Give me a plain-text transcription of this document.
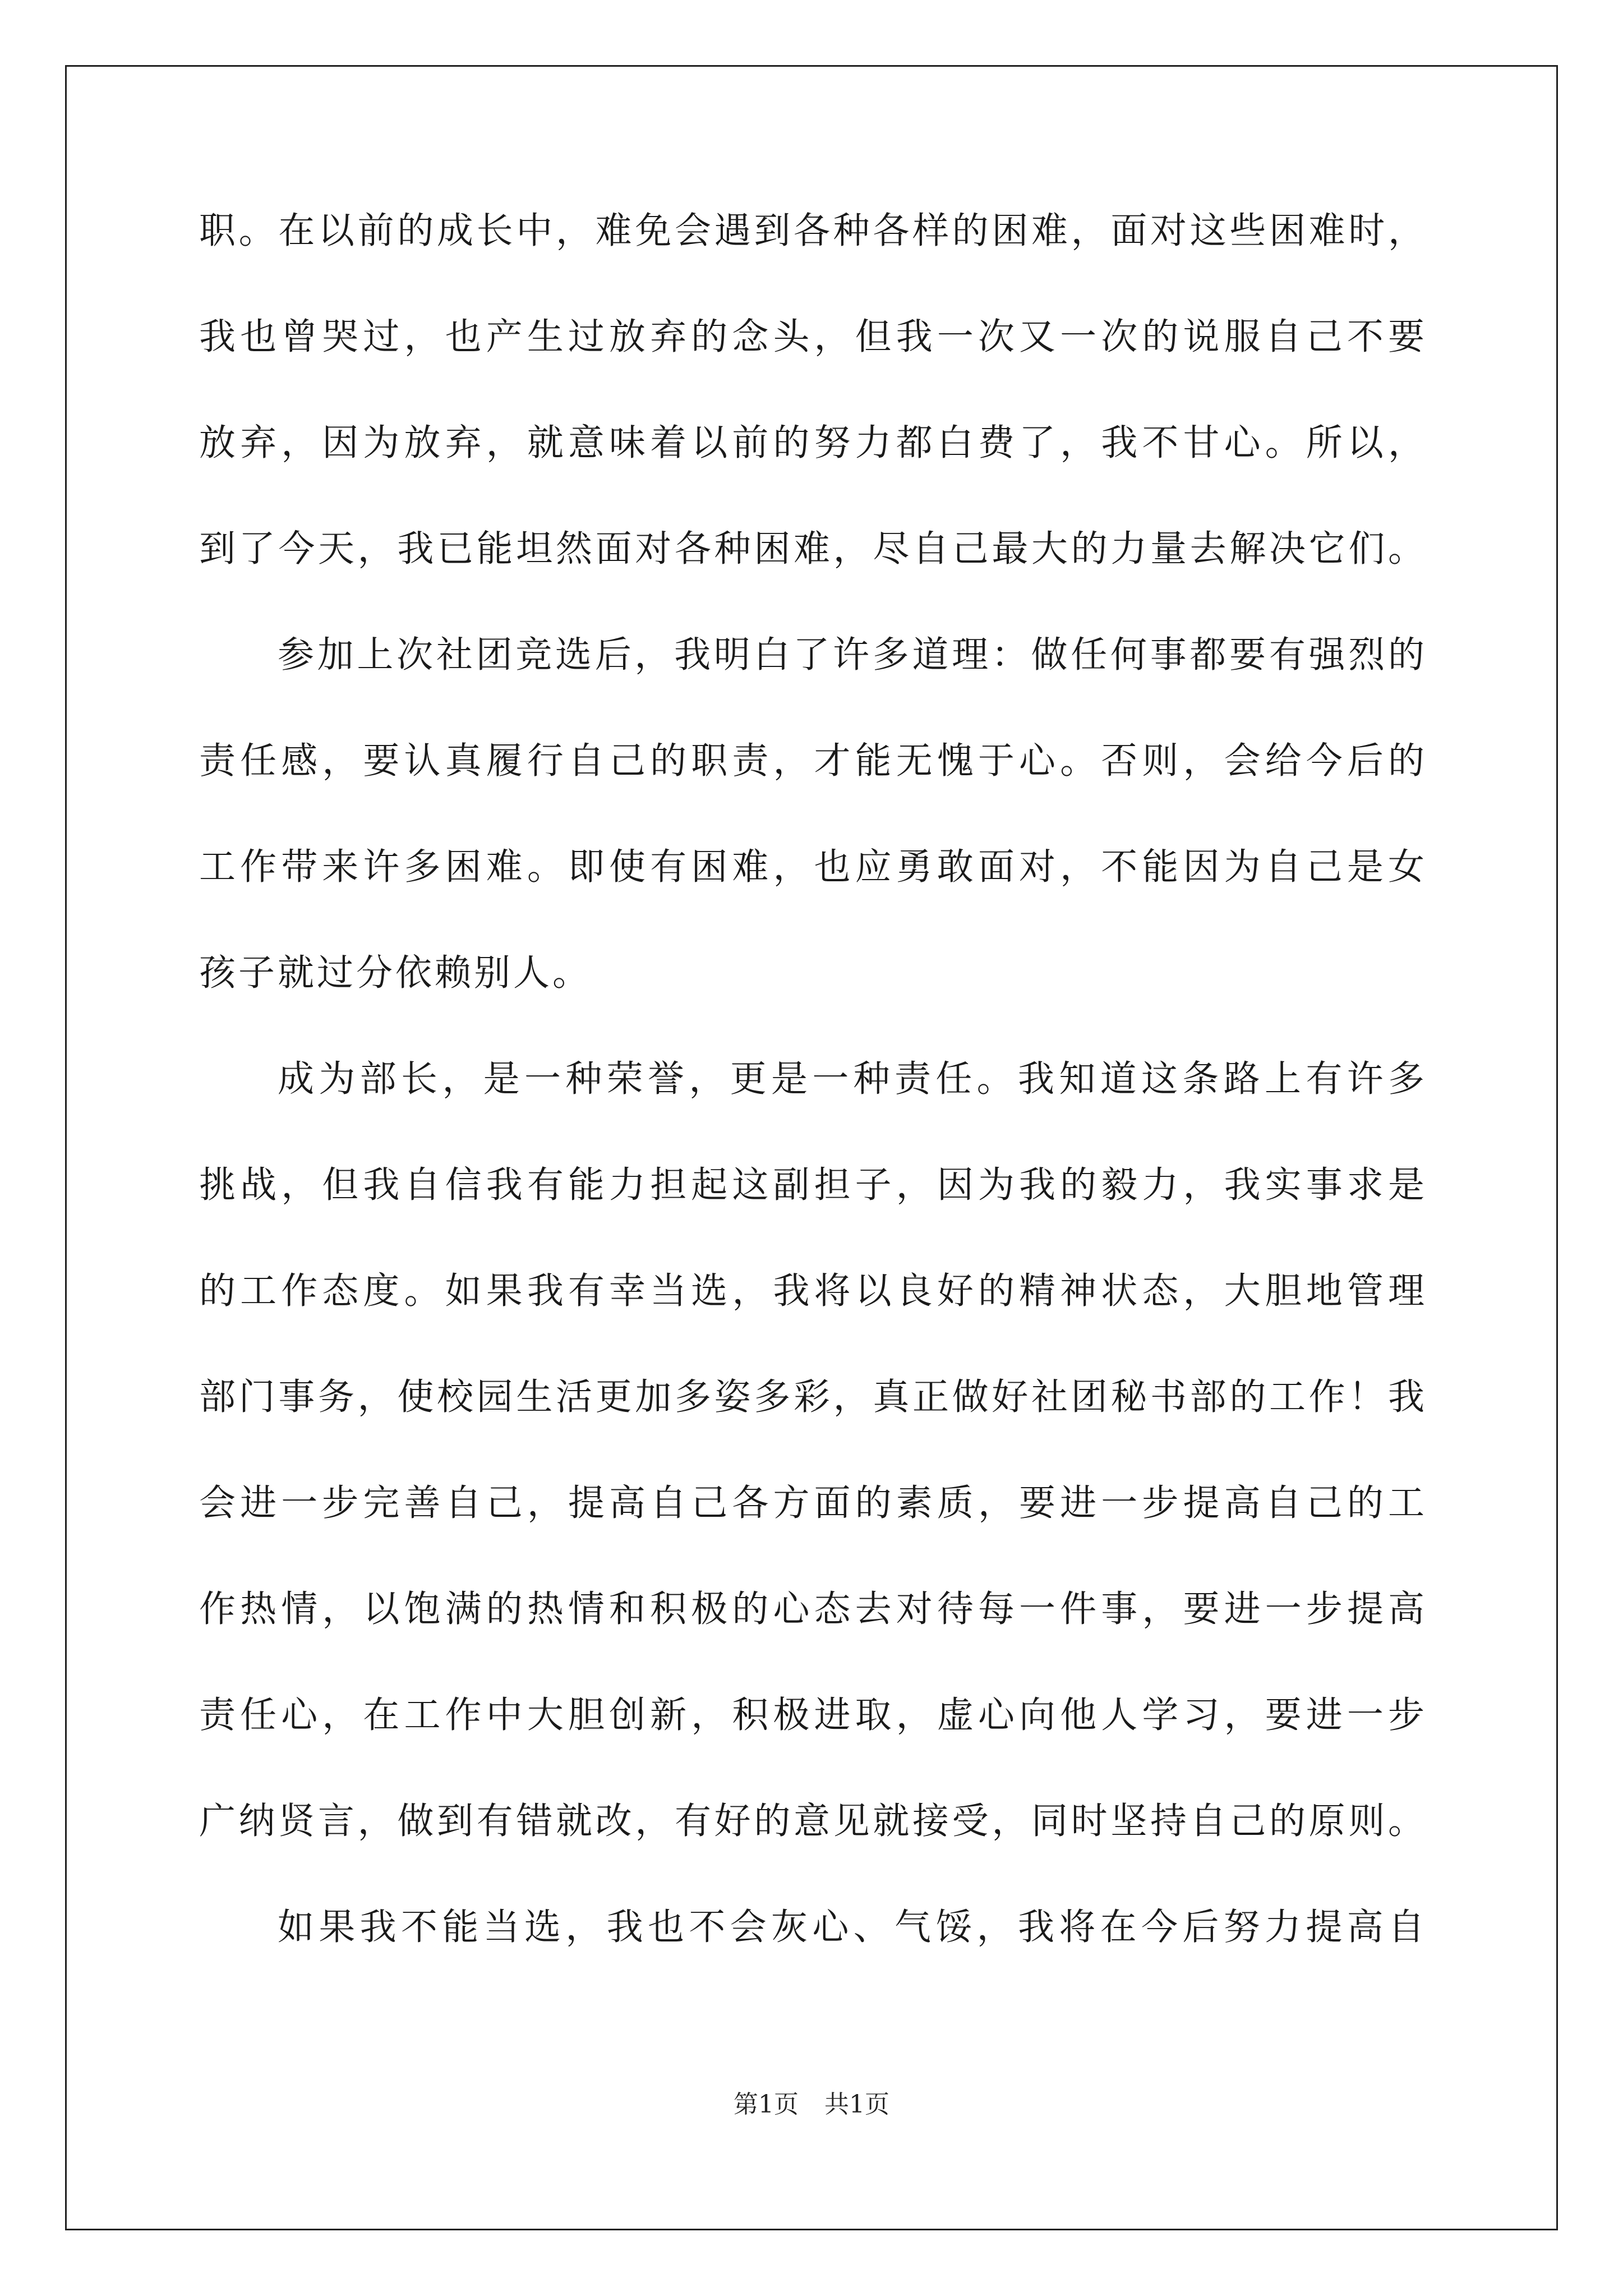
职。在以前的成长中，难免会遇到各种各样的困难，面对这些困难时，
我也曾哭过，也产生过放弃的念头，但我一次又一次的说服自己不要
放弃，因为放弃，就意味着以前的努力都白费了，我不甘心。所以，
到了今天，我已能坦然面对各种困难，尽自己最大的力量去解决它们。
参加上次社团竞选后，我明白了许多道理：做任何事都要有强烈的
责任感，要认真履行自己的职责，才能无愧于心。否则，会给今后的
工作带来许多困难。即使有困难，也应勇敢面对，不能因为自己是女
孩子就过分依赖别人。
成为部长，是一种荣誉，更是一种责任。我知道这条路上有许多
挑战，但我自信我有能力担起这副担子，因为我的毅力，我实事求是
的工作态度。如果我有幸当选，我将以良好的精神状态，大胆地管理
部门事务，使校园生活更加多姿多彩，真正做好社团秘书部的工作！我
会进一步完善自己，提高自己各方面的素质，要进一步提高自己的工
作热情，以饱满的热情和积极的心态去对待每一件事，要进一步提高
责任心，在工作中大胆创新，积极进取，虚心向他人学习，要进一步
广纳贤言，做到有错就改，有好的意见就接受，同时坚持自己的原则。
如果我不能当选，我也不会灰心、气馁，我将在今后努力提高自
第1页 共1页
